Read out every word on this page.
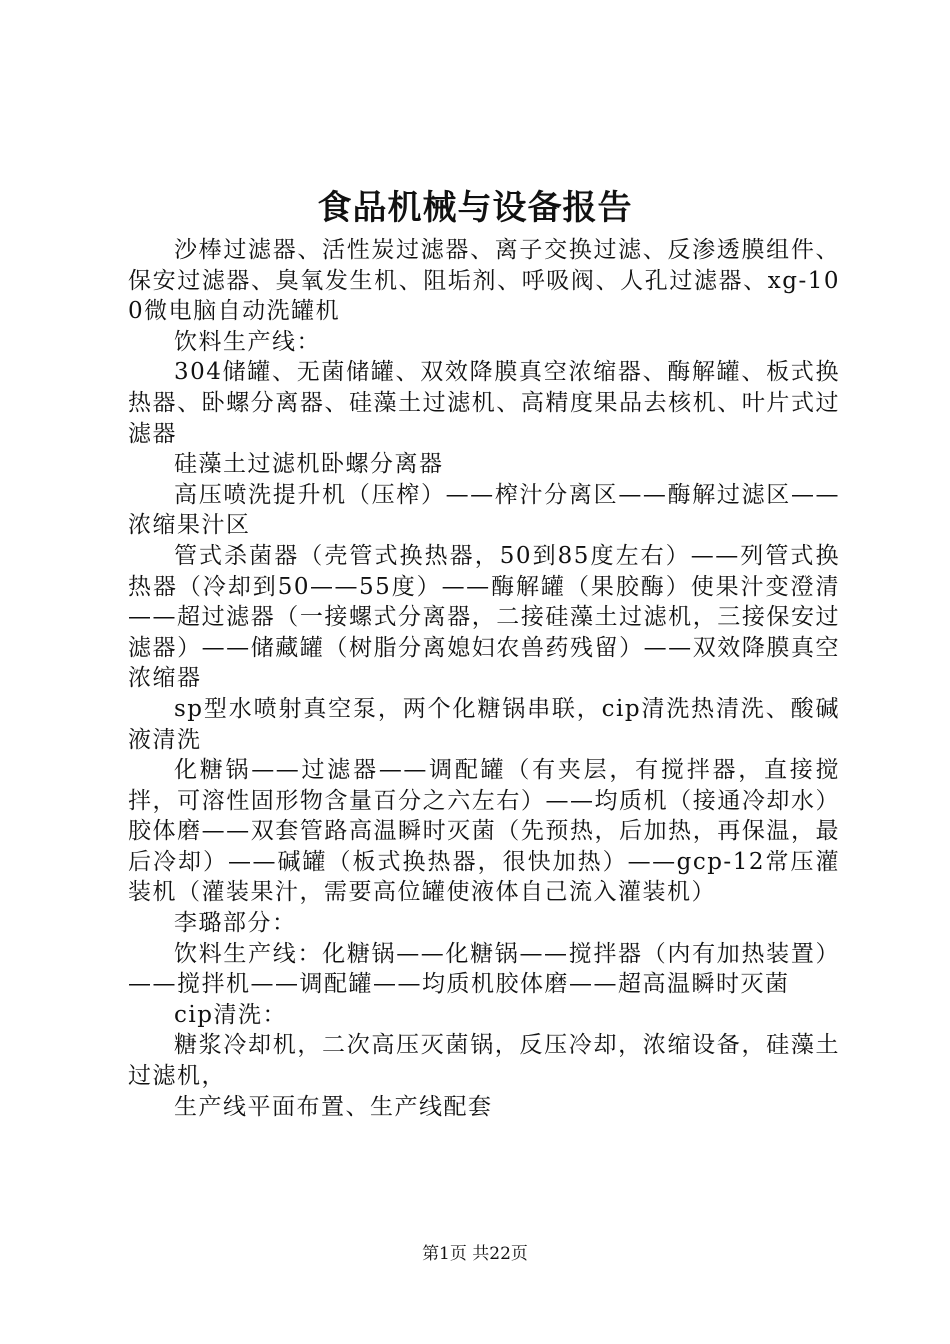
食品机械与设备报告

沙棒过滤器、活性炭过滤器、离子交换过滤、反渗透膜组件、保安过滤器、臭氧发生机、阻垢剂、呼吸阀、人孔过滤器、xg-100微电脑自动洗罐机

饮料生产线：

304储罐、无菌储罐、双效降膜真空浓缩器、酶解罐、板式换热器、卧螺分离器、硅藻土过滤机、高精度果品去核机、叶片式过滤器

硅藻土过滤机卧螺分离器

高压喷洗提升机（压榨）——榨汁分离区——酶解过滤区——浓缩果汁区

管式杀菌器（壳管式换热器，50到85度左右）——列管式换热器（冷却到50——55度）——酶解罐（果胶酶）使果汁变澄清——超过滤器（一接螺式分离器，二接硅藻土过滤机，三接保安过滤器）——储藏罐（树脂分离媳妇农兽药残留）——双效降膜真空浓缩器

sp型水喷射真空泵，两个化糖锅串联，cip清洗热清洗、酸碱液清洗

化糖锅——过滤器——调配罐（有夹层，有搅拌器，直接搅拌，可溶性固形物含量百分之六左右）——均质机（接通冷却水）胶体磨——双套管路高温瞬时灭菌（先预热，后加热，再保温，最后冷却）——碱罐（板式换热器，很快加热）——gcp-12常压灌装机（灌装果汁，需要高位罐使液体自己流入灌装机）

李璐部分：

饮料生产线：化糖锅——化糖锅——搅拌器（内有加热装置）——搅拌机——调配罐——均质机胶体磨——超高温瞬时灭菌

cip清洗：

糖浆冷却机，二次高压灭菌锅，反压冷却，浓缩设备，硅藻土过滤机，

生产线平面布置、生产线配套

第1页 共22页
